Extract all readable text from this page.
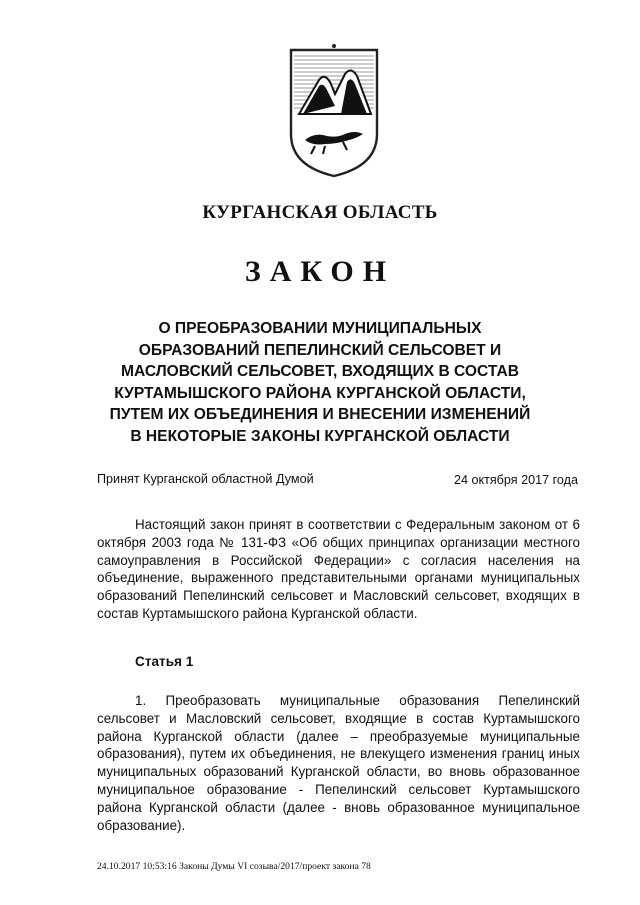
КУРГАНСКАЯ ОБЛАСТЬ
ЗАКОН
О ПРЕОБРАЗОВАНИИ МУНИЦИПАЛЬНЫХ
ОБРАЗОВАНИЙ ПЕПЕЛИНСКИЙ СЕЛЬСОВЕТ И
МАСЛОВСКИЙ СЕЛЬСОВЕТ, ВХОДЯЩИХ В СОСТАВ
КУРТАМЫШСКОГО РАЙОНА КУРГАНСКОЙ ОБЛАСТИ,
ПУТЕМ ИХ ОБЪЕДИНЕНИЯ И ВНЕСЕНИИ ИЗМЕНЕНИЙ
В НЕКОТОРЫЕ ЗАКОНЫ КУРГАНСКОЙ ОБЛАСТИ
Принят Курганской областной Думой	24 октября 2017 года
Настоящий закон принят в соответствии с Федеральным законом от 6 октября 2003 года № 131-ФЗ «Об общих принципах организации местного самоуправления в Российской Федерации» с согласия населения на объединение, выраженного представительными органами муниципальных образований Пепелинский сельсовет и Масловский сельсовет, входящих в состав Куртамышского района Курганской области.
Статья 1
1. Преобразовать муниципальные образования Пепелинский сельсовет и Масловский сельсовет, входящие в состав Куртамышского района Курганской области (далее – преобразуемые муниципальные образования), путем их объединения, не влекущего изменения границ иных муниципальных образований Курганской области, во вновь образованное муниципальное образование - Пепелинский сельсовет Куртамышского района Курганской области (далее - вновь образованное муниципальное образование).
24.10.2017 10:53:16 Законы Думы VI созыва/2017/проект закона 78
